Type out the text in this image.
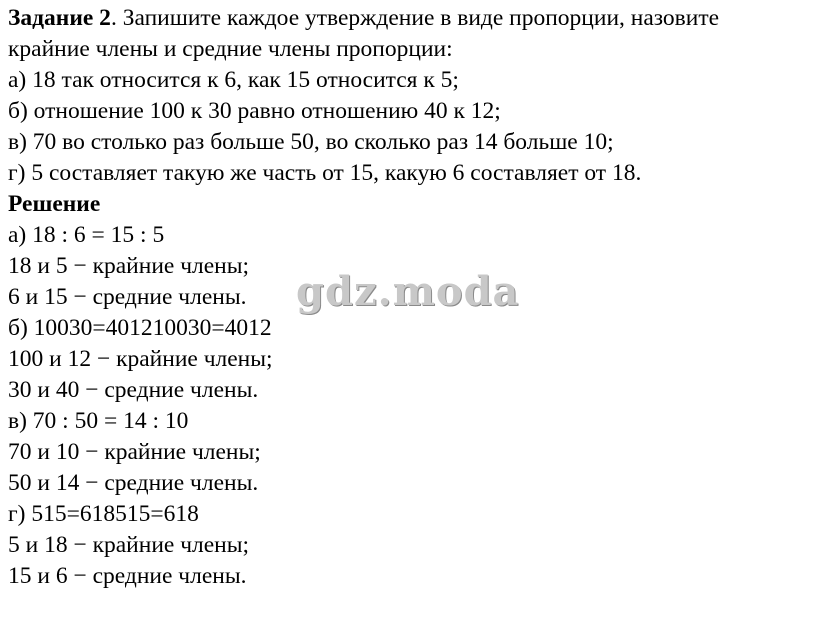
Задание 2. Запишите каждое утверждение в виде пропорции, назовите
крайние члены и средние члены пропорции:
а) 18 так относится к 6, как 15 относится к 5;
б) отношение 100 к 30 равно отношению 40 к 12;
в) 70 во столько раз больше 50, во сколько раз 14 больше 10;
г) 5 составляет такую же часть от 15, какую 6 составляет от 18.
Решение
а) 18 : 6 = 15 : 5
18 и 5 − крайние члены;
6 и 15 − средние члены.
б) 10030=401210030=4012
100 и 12 − крайние члены;
30 и 40 − средние члены.
в) 70 : 50 = 14 : 10
70 и 10 − крайние члены;
50 и 14 − средние члены.
г) 515=618515=618
5 и 18 − крайние члены;
15 и 6 − средние члены.
gdz.moda
